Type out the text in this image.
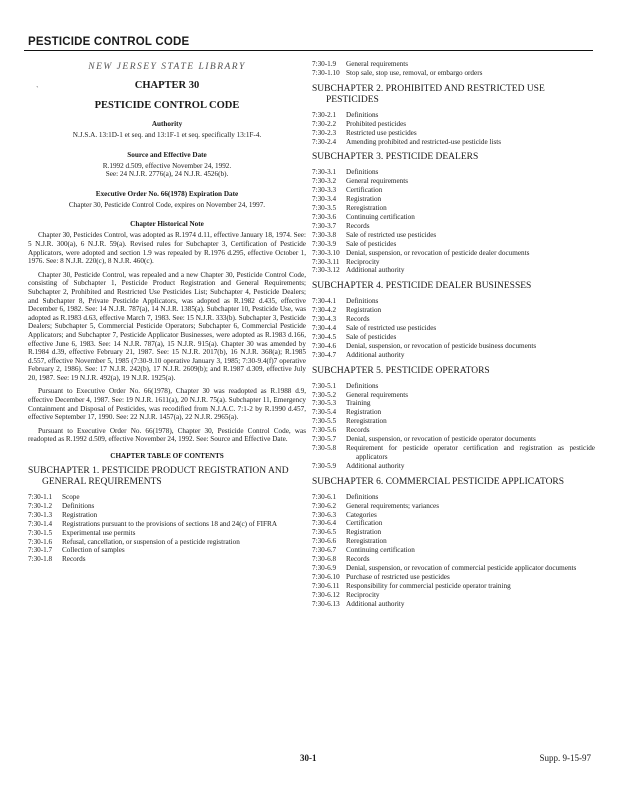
PESTICIDE CONTROL CODE
`
NEW JERSEY STATE LIBRARY
CHAPTER 30
PESTICIDE CONTROL CODE
Authority
N.J.S.A. 13:1D-1 et seq. and 13:1F-1 et seq. specifically 13:1F-4.
Source and Effective Date
R.1992 d.509, effective November 24, 1992.
See: 24 N.J.R. 2776(a), 24 N.J.R. 4526(b).
Executive Order No. 66(1978) Expiration Date
Chapter 30, Pesticide Control Code, expires on November 24, 1997.
Chapter Historical Note
Chapter 30, Pesticides Control, was adopted as R.1974 d.11, effective January 18, 1974. See: 5 N.J.R. 300(a), 6 N.J.R. 59(a). Revised rules for Subchapter 3, Certification of Pesticide Applicators, were adopted and section 1.9 was repealed by R.1976 d.295, effective October 1, 1976. See: 8 N.J.R. 220(c), 8 N.J.R. 460(c).
Chapter 30, Pesticide Control, was repealed and a new Chapter 30, Pesticide Control Code, consisting of Subchapter 1, Pesticide Product Registration and General Requirements; Subchapter 2, Prohibited and Restricted Use Pesticides List; Subchapter 4, Pesticide Dealers; and Subchapter 8, Private Pesticide Applicators, was adopted as R.1982 d.435, effective December 6, 1982. See: 14 N.J.R. 787(a), 14 N.J.R. 1385(a). Subchapter 10, Pesticide Use, was adopted as R.1983 d.63, effective March 7, 1983. See: 15 N.J.R. 333(b). Subchapter 3, Pesticide Dealers; Subchapter 5, Commercial Pesticide Operators; Subchapter 6, Commercial Pesticide Applicators; and Subchapter 7, Pesticide Applicator Businesses, were adopted as R.1983 d.166, effective June 6, 1983. See: 14 N.J.R. 787(a), 15 N.J.R. 915(a). Chapter 30 was amended by R.1984 d.39, effective February 21, 1987. See: 15 N.J.R. 2017(b), 16 N.J.R. 368(a); R.1985 d.557, effective November 5, 1985 (7:30-9.10 operative January 3, 1985; 7:30-9.4(f)7 operative February 2, 1986). See: 17 N.J.R. 242(b), 17 N.J.R. 2609(b); and R.1987 d.309, effective July 20, 1987. See: 19 N.J.R. 492(a), 19 N.J.R. 1925(a).
Pursuant to Executive Order No. 66(1978), Chapter 30 was readopted as R.1988 d.9, effective December 4, 1987. See: 19 N.J.R. 1611(a), 20 N.J.R. 75(a). Subchapter 11, Emergency Containment and Disposal of Pesticides, was recodified from N.J.A.C. 7:1-2 by R.1990 d.457, effective September 17, 1990. See: 22 N.J.R. 1457(a), 22 N.J.R. 2965(a).
Pursuant to Executive Order No. 66(1978), Chapter 30, Pesticide Control Code, was readopted as R.1992 d.509, effective November 24, 1992. See: Source and Effective Date.
CHAPTER TABLE OF CONTENTS
SUBCHAPTER 1. PESTICIDE PRODUCT REGISTRATION AND GENERAL REQUIREMENTS
7:30-1.1	Scope
7:30-1.2	Definitions
7:30-1.3	Registration
7:30-1.4	Registrations pursuant to the provisions of sections 18 and 24(c) of FIFRA
7:30-1.5	Experimental use permits
7:30-1.6	Refusal, cancellation, or suspension of a pesticide registration
7:30-1.7	Collection of samples
7:30-1.8	Records
7:30-1.9	General requirements
7:30-1.10 Stop sale, stop use, removal, or embargo orders
SUBCHAPTER 2. PROHIBITED AND RESTRICTED USE PESTICIDES
7:30-2.1	Definitions
7:30-2.2	Prohibited pesticides
7:30-2.3	Restricted use pesticides
7:30-2.4	Amending prohibited and restricted-use pesticide lists
SUBCHAPTER 3. PESTICIDE DEALERS
7:30-3.1	Definitions
7:30-3.2	General requirements
7:30-3.3	Certification
7:30-3.4	Registration
7:30-3.5	Reregistration
7:30-3.6	Continuing certification
7:30-3.7	Records
7:30-3.8	Sale of restricted use pesticides
7:30-3.9	Sale of pesticides
7:30-3.10 Denial, suspension, or revocation of pesticide dealer documents
7:30-3.11 Reciprocity
7:30-3.12 Additional authority
SUBCHAPTER 4. PESTICIDE DEALER BUSINESSES
7:30-4.1	Definitions
7:30-4.2	Registration
7:30-4.3	Records
7:30-4.4	Sale of restricted use pesticides
7:30-4.5	Sale of pesticides
7:30-4.6	Denial, suspension, or revocation of pesticide business documents
7:30-4.7	Additional authority
SUBCHAPTER 5. PESTICIDE OPERATORS
7:30-5.1	Definitions
7:30-5.2	General requirements
7:30-5.3	Training
7:30-5.4	Registration
7:30-5.5	Reregistration
7:30-5.6	Records
7:30-5.7	Denial, suspension, or revocation of pesticide operator documents
7:30-5.8	Requirement for pesticide operator certification and registration as pesticide applicators
7:30-5.9	Additional authority
SUBCHAPTER 6. COMMERCIAL PESTICIDE APPLICATORS
7:30-6.1	Definitions
7:30-6.2	General requirements; variances
7:30-6.3	Categories
7:30-6.4	Certification
7:30-6.5	Registration
7:30-6.6	Reregistration
7:30-6.7	Continuing certification
7:30-6.8	Records
7:30-6.9	Denial, suspension, or revocation of commercial pesticide applicator documents
7:30-6.10 Purchase of restricted use pesticides
7:30-6.11 Responsibility for commercial pesticide operator training
7:30-6.12 Reciprocity
7:30-6.13 Additional authority
30-1	Supp. 9-15-97
